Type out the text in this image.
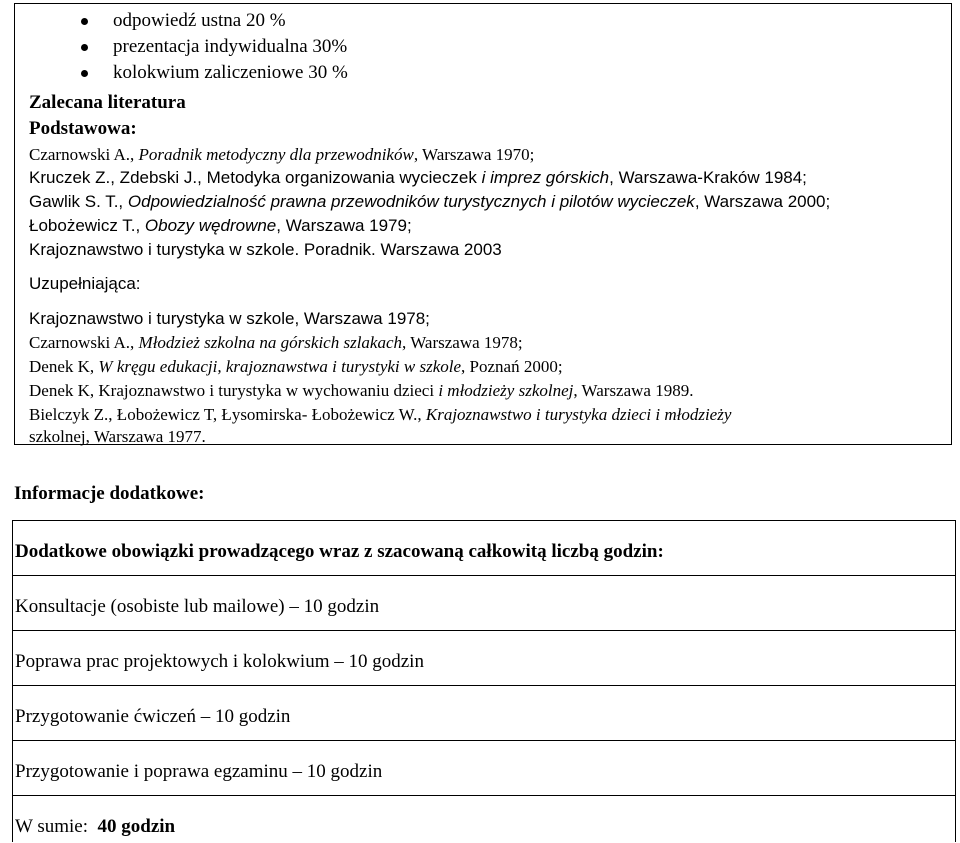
odpowiedź ustna 20 %
prezentacja indywidualna 30%
kolokwium zaliczeniowe 30 %
Zalecana literatura
Podstawowa:
Czarnowski A., Poradnik metodyczny dla przewodników, Warszawa 1970;
Kruczek Z., Zdebski J., Metodyka organizowania wycieczek i imprez górskich, Warszawa-Kraków 1984;
Gawlik S. T., Odpowiedzialność prawna przewodników turystycznych i pilotów wycieczek, Warszawa 2000;
Łobożewicz T., Obozy wędrowne, Warszawa 1979;
Krajoznawstwo i turystyka w szkole. Poradnik. Warszawa 2003
Uzupełniająca:
Krajoznawstwo i turystyka w szkole, Warszawa 1978;
Czarnowski A., Młodzież szkolna na górskich szlakach, Warszawa 1978;
Denek K, W kręgu edukacji, krajoznawstwa i turystyki w szkole, Poznań 2000;
Denek K, Krajoznawstwo i turystyka w wychowaniu dzieci i młodzieży szkolnej, Warszawa 1989.
Bielczyk Z., Łobożewicz T, Łysomirska- Łobożewicz W., Krajoznawstwo i turystyka dzieci i młodzieży
szkolnej, Warszawa 1977.
Informacje dodatkowe:
Dodatkowe obowiązki prowadzącego wraz z szacowaną całkowitą liczbą godzin:
Konsultacje (osobiste lub mailowe) – 10 godzin
Poprawa prac projektowych i kolokwium – 10 godzin
Przygotowanie ćwiczeń – 10 godzin
Przygotowanie i poprawa egzaminu – 10 godzin
W sumie: 40 godzin
